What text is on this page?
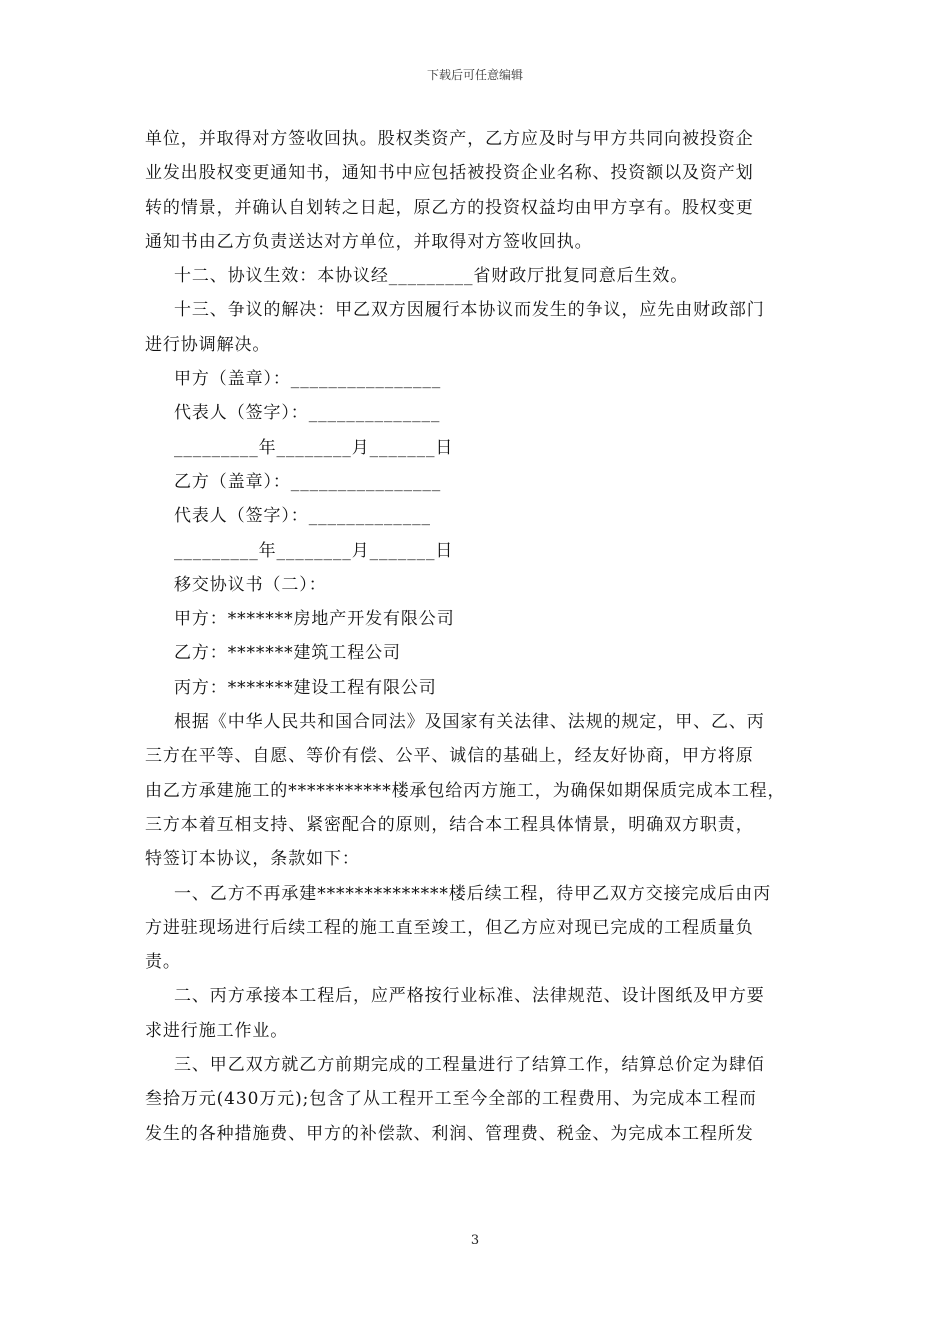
下载后可任意编辑

单位，并取得对方签收回执。股权类资产，乙方应及时与甲方共同向被投资企

业发出股权变更通知书，通知书中应包括被投资企业名称、投资额以及资产划

转的情景，并确认自划转之日起，原乙方的投资权益均由甲方享有。股权变更

通知书由乙方负责送达对方单位，并取得对方签收回执。

十二、协议生效：本协议经_________省财政厅批复同意后生效。

十三、争议的解决：甲乙双方因履行本协议而发生的争议，应先由财政部门

进行协调解决。

甲方（盖章）：________________

代表人（签字）：______________

_________年________月_______日

乙方（盖章）：________________

代表人（签字）：_____________

_________年________月_______日

移交协议书（二）：

甲方：*******房地产开发有限公司

乙方：*******建筑工程公司

丙方：*******建设工程有限公司

根据《中华人民共和国合同法》及国家有关法律、法规的规定，甲、乙、丙

三方在平等、自愿、等价有偿、公平、诚信的基础上，经友好协商，甲方将原

由乙方承建施工的***********楼承包给丙方施工，为确保如期保质完成本工程，

三方本着互相支持、紧密配合的原则，结合本工程具体情景，明确双方职责，

特签订本协议，条款如下：

一、乙方不再承建**************楼后续工程，待甲乙双方交接完成后由丙

方进驻现场进行后续工程的施工直至竣工，但乙方应对现已完成的工程质量负

责。

二、丙方承接本工程后，应严格按行业标准、法律规范、设计图纸及甲方要

求进行施工作业。

三、甲乙双方就乙方前期完成的工程量进行了结算工作，结算总价定为肆佰

叁拾万元(430万元);包含了从工程开工至今全部的工程费用、为完成本工程而

发生的各种措施费、甲方的补偿款、利润、管理费、税金、为完成本工程所发

3
